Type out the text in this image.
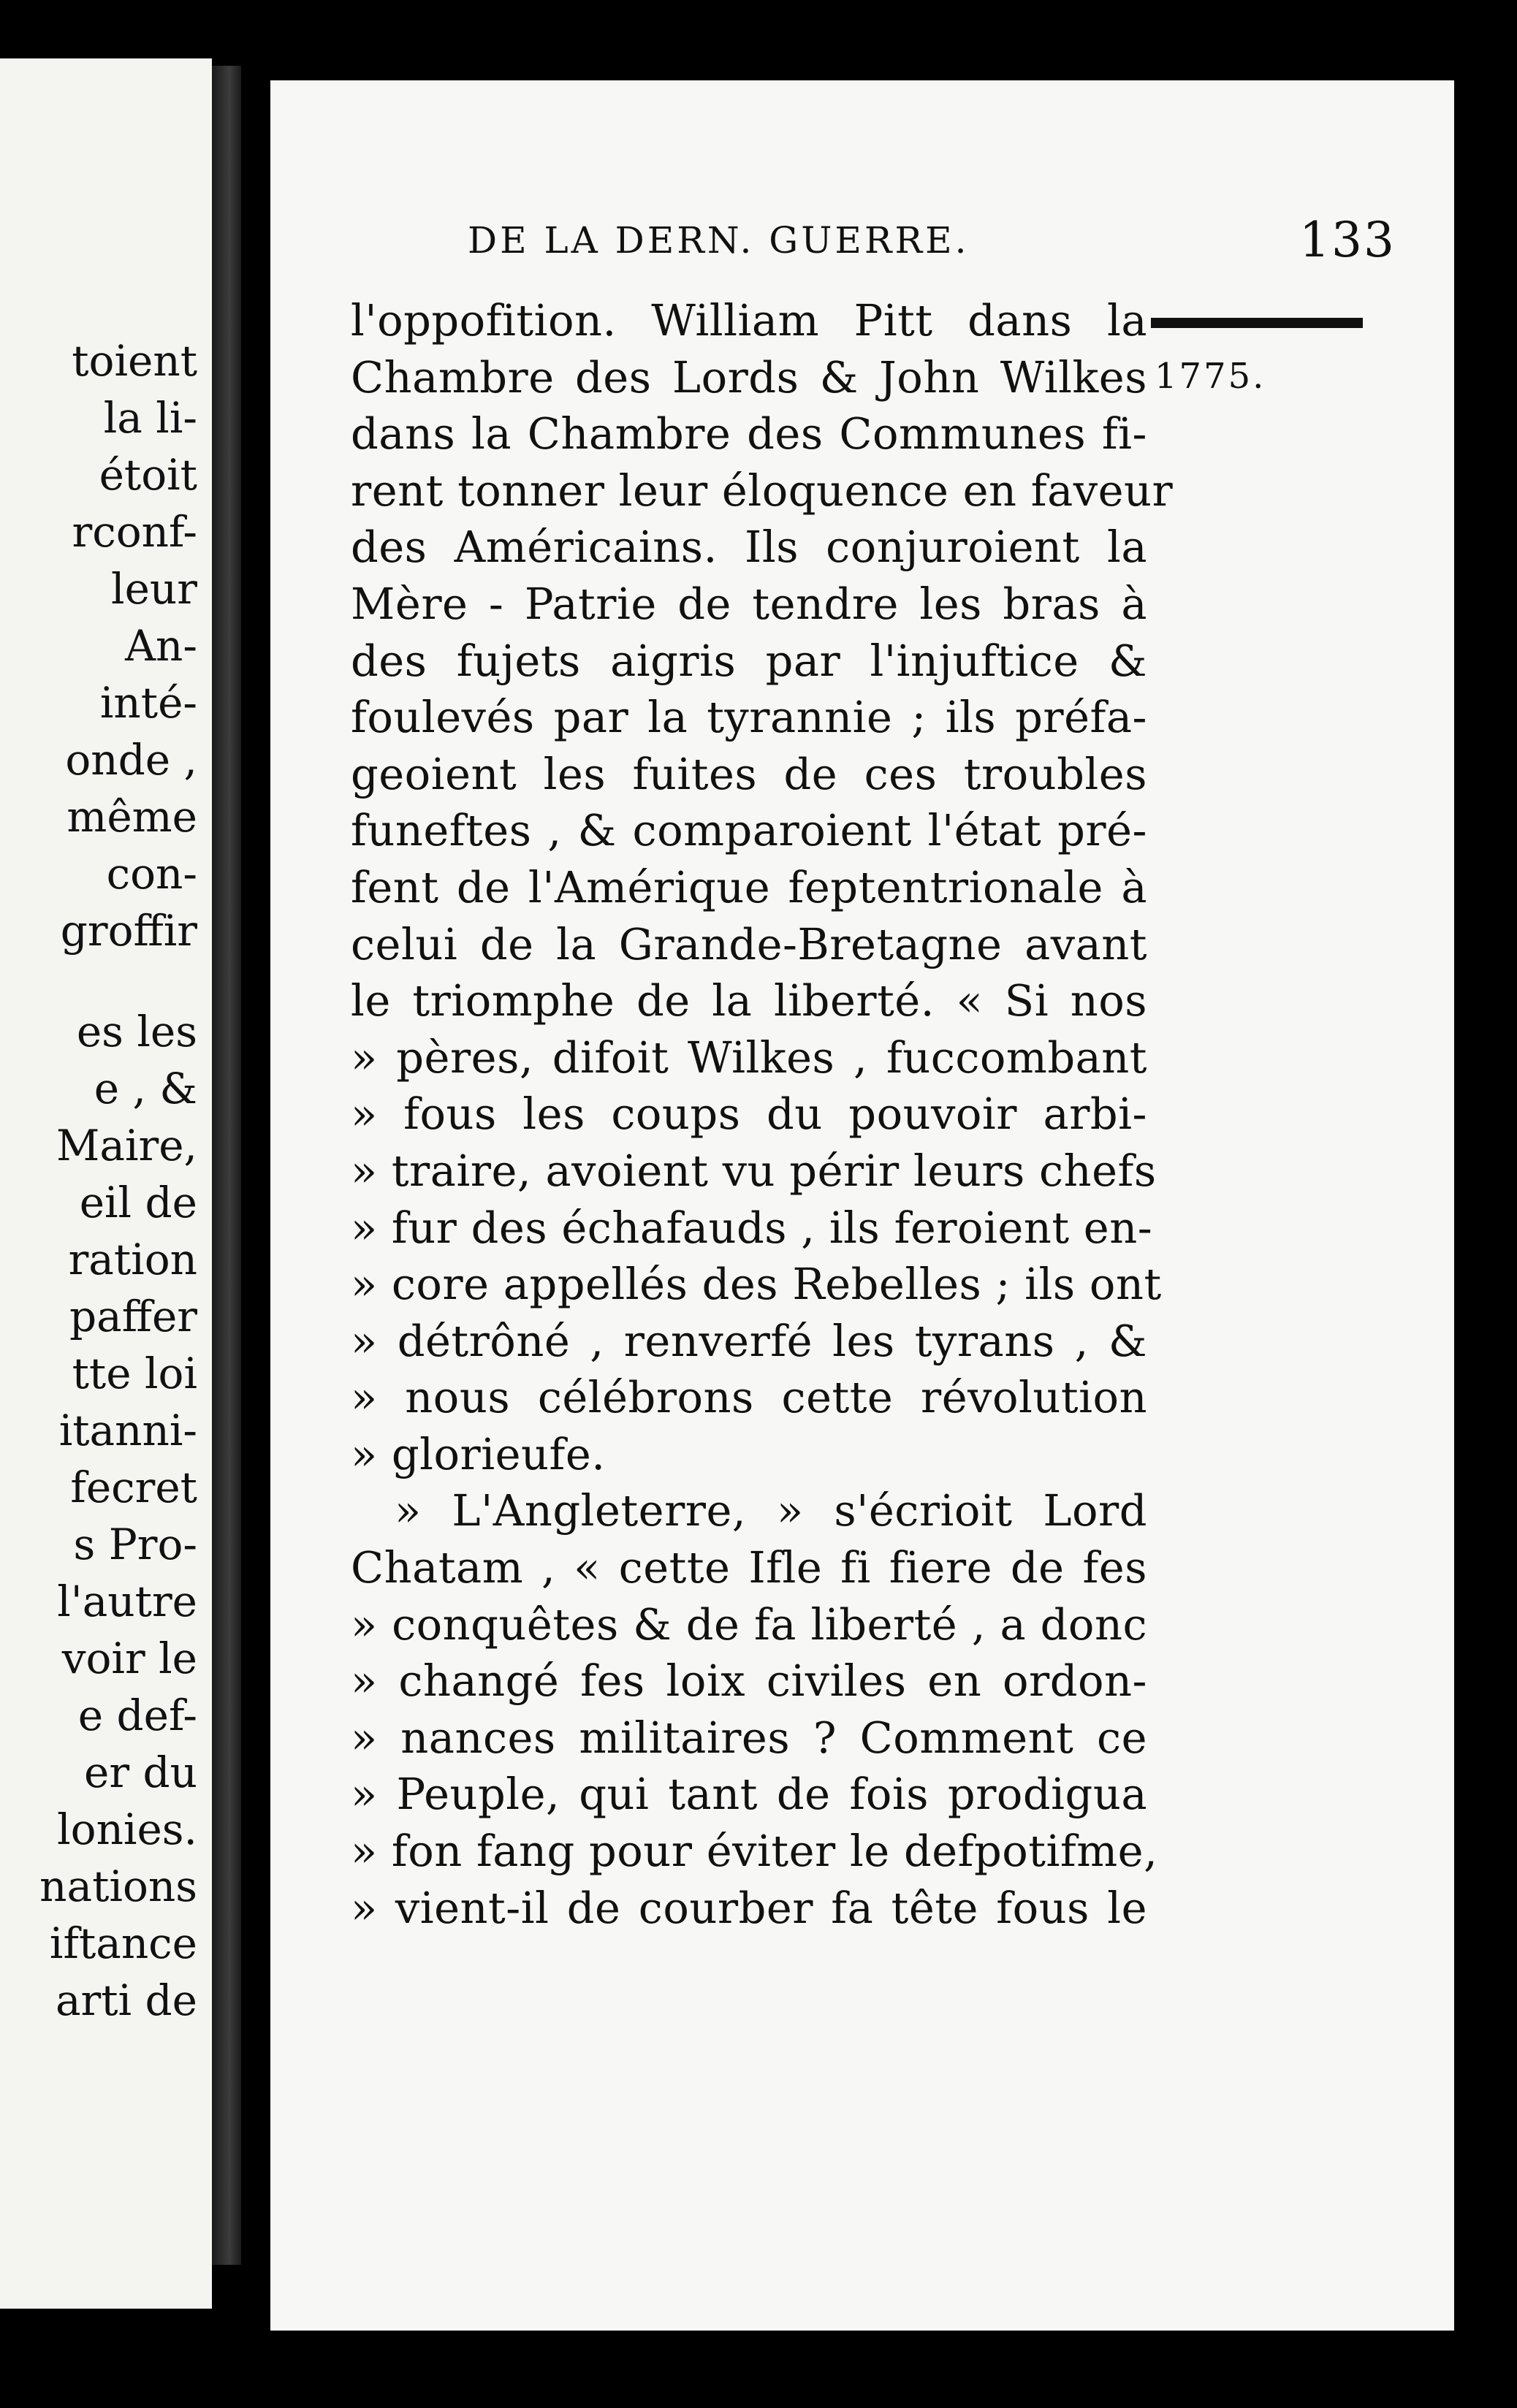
toient
la li-
étoit
rconf-
leur
An-
inté-
onde ,
même
con-
groffir
es les
e , &
Maire,
eil de
ration
paffer
tte loi
itanni-
fecret
s Pro-
l'autre
voir le
e def-
er du
lonies.
nations
iftance
arti de
DE LA DERN. GUERRE.	133
1775.
l'oppofition. William Pitt dans la
Chambre des Lords & John Wilkes
dans la Chambre des Communes fi-
rent tonner leur éloquence en faveur
des Américains. Ils conjuroient la
Mère - Patrie de tendre les bras à
des fujets aigris par l'injuftice &
foulevés par la tyrannie ; ils préfa-
geoient les fuites de ces troubles
funeftes , & comparoient l'état pré-
fent de l'Amérique feptentrionale à
celui de la Grande-Bretagne avant
le triomphe de la liberté. « Si nos
» pères, difoit Wilkes , fuccombant
» fous les coups du pouvoir arbi-
» traire, avoient vu périr leurs chefs
» fur des échafauds , ils feroient en-
» core appellés des Rebelles ; ils ont
» détrôné , renverfé les tyrans , &
» nous célébrons cette révolution
» glorieufe.
» L'Angleterre, » s'écrioit Lord
Chatam , « cette Ifle fi fiere de fes
» conquêtes & de fa liberté , a donc
» changé fes loix civiles en ordon-
» nances militaires ? Comment ce
» Peuple, qui tant de fois prodigua
» fon fang pour éviter le defpotifme,
» vient-il de courber fa tête fous le
